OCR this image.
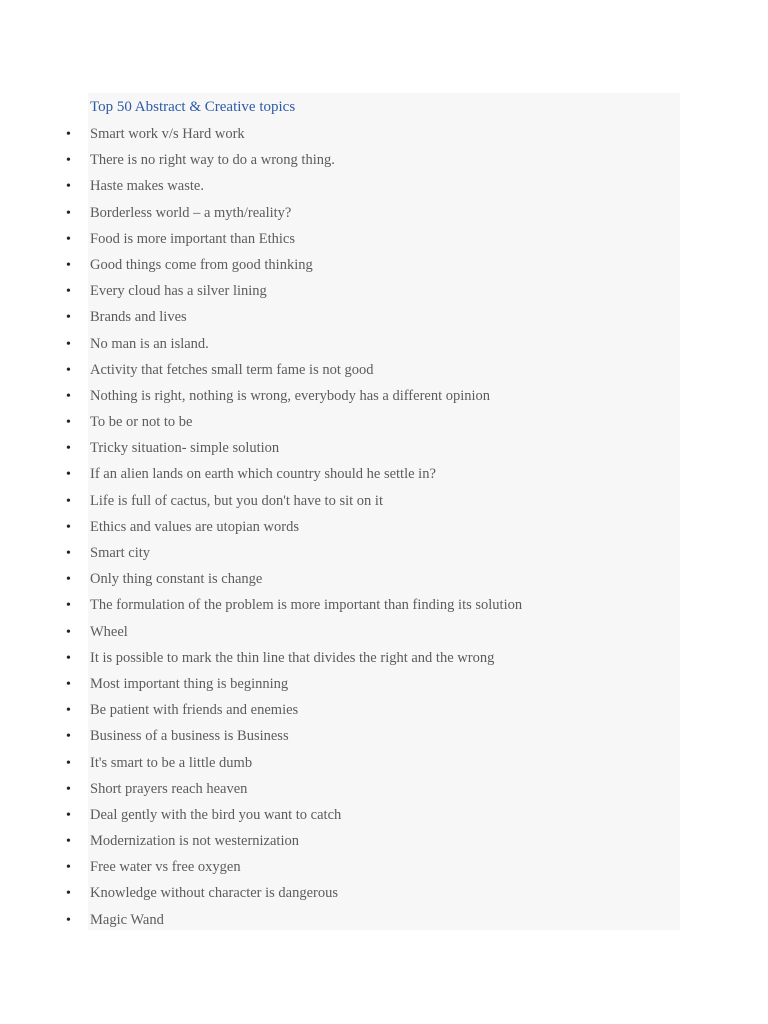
Top 50 Abstract & Creative topics
• Smart work v/s Hard work
• There is no right way to do a wrong thing.
• Haste makes waste.
• Borderless world – a myth/reality?
• Food is more important than Ethics
• Good things come from good thinking
• Every cloud has a silver lining
• Brands and lives
• No man is an island.
• Activity that fetches small term fame is not good
• Nothing is right, nothing is wrong, everybody has a different opinion
• To be or not to be
• Tricky situation- simple solution
• If an alien lands on earth which country should he settle in?
• Life is full of cactus, but you don't have to sit on it
• Ethics and values are utopian words
• Smart city
• Only thing constant is change
• The formulation of the problem is more important than finding its solution
• Wheel
• It is possible to mark the thin line that divides the right and the wrong
• Most important thing is beginning
• Be patient with friends and enemies
• Business of a business is Business
• It's smart to be a little dumb
• Short prayers reach heaven
• Deal gently with the bird you want to catch
• Modernization is not westernization
• Free water vs free oxygen
• Knowledge without character is dangerous
• Magic Wand
